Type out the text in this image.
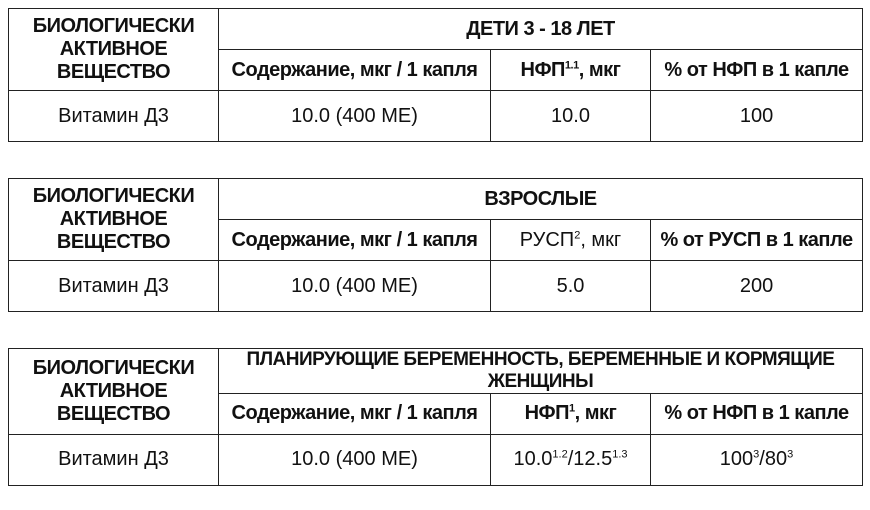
БИОЛОГИЧЕСКИ АКТИВНОЕ ВЕЩЕСТВО	ДЕТИ 3 - 18 ЛЕТ		
	Содержание, мкг / 1 капля	$НФП^{1.1}$, мкг	% от НФП в 1 капле
Витамин Д3	10.0 (400 МЕ)	10.0	100
БИОЛОГИЧЕСКИ АКТИВНОЕ ВЕЩЕСТВО	ВЗРОСЛЫЕ		
	Содержание, мкг / 1 капля	РУСП$^2$, мкг	% от РУСП в 1 капле
Витамин Д3	10.0 (400 МЕ)	5.0	200
БИОЛОГИЧЕСКИ АКТИВНОЕ ВЕЩЕСТВО	ПЛАНИРУЮЩИЕ БЕРЕМЕННОСТЬ, БЕРЕМЕННЫЕ И КОРМЯЩИЕ ЖЕНЩИНЫ		
	Содержание, мкг / 1 капля	НФП$^1$, мкг	% от НФП в 1 капле
Витамин Д3	10.0 (400 МЕ)	$10.0^{1.2}/12.5^{1.3}$	$100^3/80^3$
